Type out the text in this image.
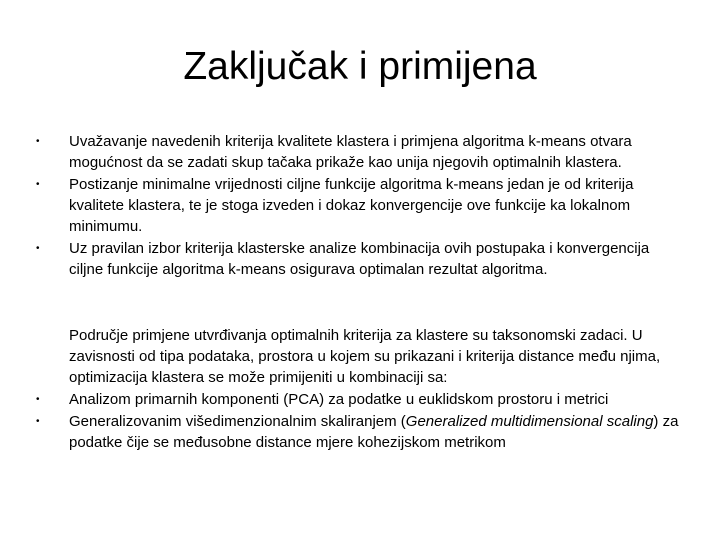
Zaključak i primijena
•	Uvažavanje navedenih kriterija kvalitete klastera i primjena algoritma k-means otvara mogućnost da se zadati skup tačaka prikaže kao unija njegovih optimalnih klastera.
•	Postizanje minimalne vrijednosti ciljne funkcije algoritma k-means jedan je od kriterija kvalitete klastera, te je stoga izveden i dokaz konvergencije ove funkcije ka lokalnom minimumu.
•	Uz pravilan izbor kriterija klasterske analize kombinacija ovih postupaka i konvergencija ciljne funkcije algoritma k-means osigurava optimalan rezultat algoritma.
Područje primjene utvrđivanja optimalnih kriterija za klastere su taksonomski zadaci. U zavisnosti od tipa podataka, prostora u kojem su prikazani i kriterija distance među njima, optimizacija klastera se može primijeniti u kombinaciji sa:
•	Analizom primarnih komponenti (PCA) za podatke u euklidskom prostoru i metrici
•	Generalizovanim višedimenzionalnim skaliranjem (Generalized multidimensional scaling) za podatke čije se međusobne distance mjere kohezijskom metrikom
